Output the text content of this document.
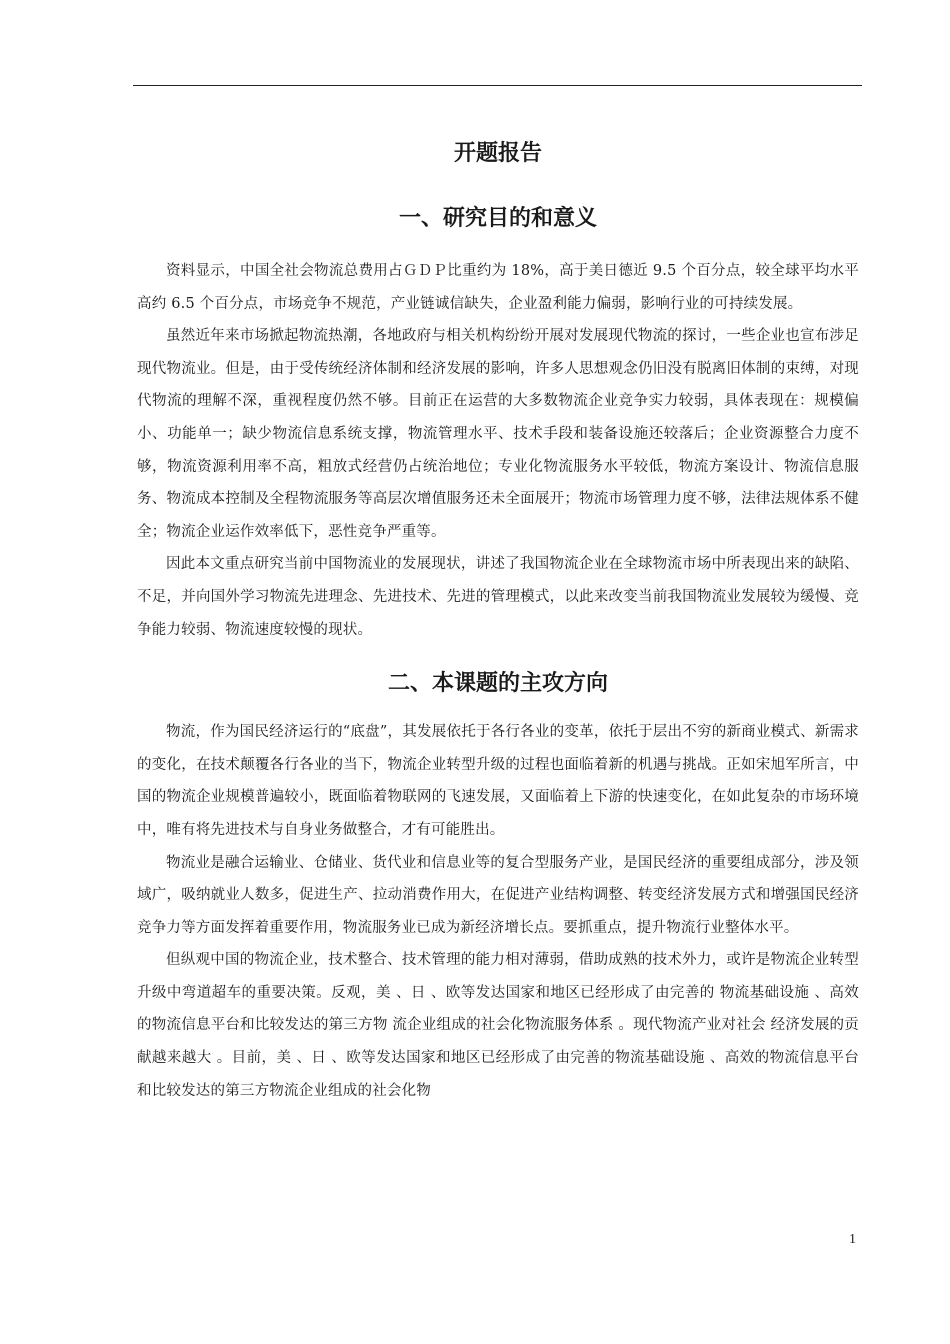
开题报告
一、研究目的和意义

资料显示，中国全社会物流总费用占ＧＤＰ比重约为 18%，高于美日德近 9.5 个百分点，较全球平均水平高约 6.5 个百分点，市场竞争不规范，产业链诚信缺失，企业盈利能力偏弱，影响行业的可持续发展。

虽然近年来市场掀起物流热潮，各地政府与相关机构纷纷开展对发展现代物流的探讨，一些企业也宣布涉足现代物流业。但是，由于受传统经济体制和经济发展的影响，许多人思想观念仍旧没有脱离旧体制的束缚，对现代物流的理解不深，重视程度仍然不够。目前正在运营的大多数物流企业竞争实力较弱，具体表现在：规模偏小、功能单一；缺少物流信息系统支撑，物流管理水平、技术手段和装备设施还较落后；企业资源整合力度不够，物流资源利用率不高，粗放式经营仍占统治地位；专业化物流服务水平较低，物流方案设计、物流信息服务、物流成本控制及全程物流服务等高层次增值服务还未全面展开；物流市场管理力度不够，法律法规体系不健全；物流企业运作效率低下，恶性竞争严重等。

因此本文重点研究当前中国物流业的发展现状，讲述了我国物流企业在全球物流市场中所表现出来的缺陷、不足，并向国外学习物流先进理念、先进技术、先进的管理模式，以此来改变当前我国物流业发展较为缓慢、竞争能力较弱、物流速度较慢的现状。

二、本课题的主攻方向

物流，作为国民经济运行的“底盘”，其发展依托于各行各业的变革，依托于层出不穷的新商业模式、新需求的变化，在技术颠覆各行各业的当下，物流企业转型升级的过程也面临着新的机遇与挑战。正如宋旭军所言，中国的物流企业规模普遍较小，既面临着物联网的飞速发展，又面临着上下游的快速变化，在如此复杂的市场环境中，唯有将先进技术与自身业务做整合，才有可能胜出。

物流业是融合运输业、仓储业、货代业和信息业等的复合型服务产业，是国民经济的重要组成部分，涉及领域广，吸纳就业人数多，促进生产、拉动消费作用大，在促进产业结构调整、转变经济发展方式和增强国民经济竞争力等方面发挥着重要作用，物流服务业已成为新经济增长点。要抓重点，提升物流行业整体水平。

但纵观中国的物流企业，技术整合、技术管理的能力相对薄弱，借助成熟的技术外力，或许是物流企业转型升级中弯道超车的重要决策。反观，美 、日 、欧等发达国家和地区已经形成了由完善的 物流基础设施 、高效的物流信息平台和比较发达的第三方物 流企业组成的社会化物流服务体系 。现代物流产业对社会 经济发展的贡献越来越大 。目前，美 、日 、欧等发达国家和地区已经形成了由完善的物流基础设施 、高效的物流信息平台和比较发达的第三方物流企业组成的社会化物

1
